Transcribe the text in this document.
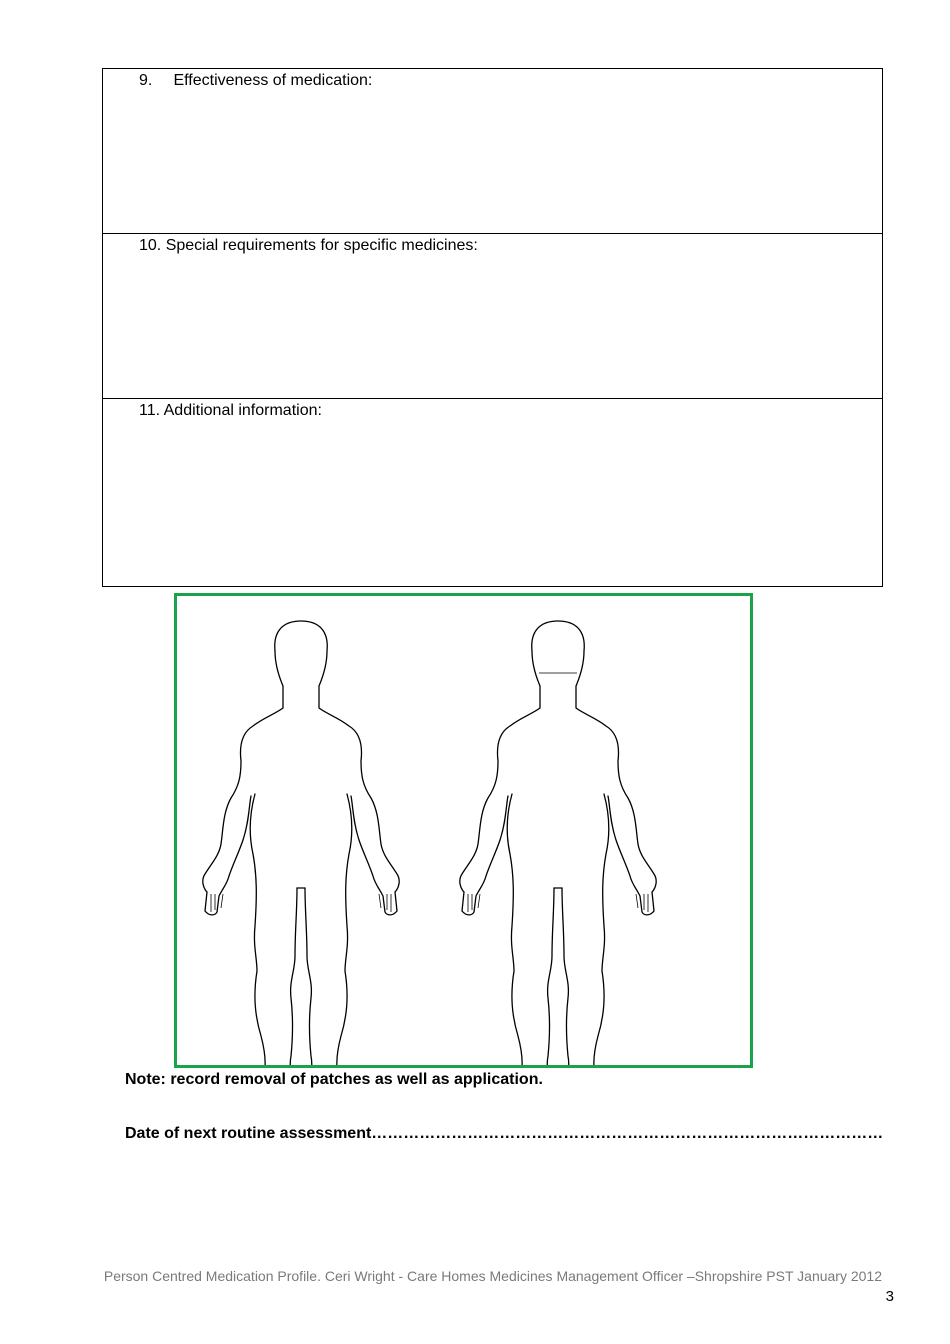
9. Effectiveness of medication:
10. Special requirements for specific medicines:
11. Additional information:
Note: record removal of patches as well as application.
Date of next routine assessment……………………………………………………………………………………
Person Centred Medication Profile. Ceri Wright - Care Homes Medicines Management Officer –Shropshire PST January 2012
3
